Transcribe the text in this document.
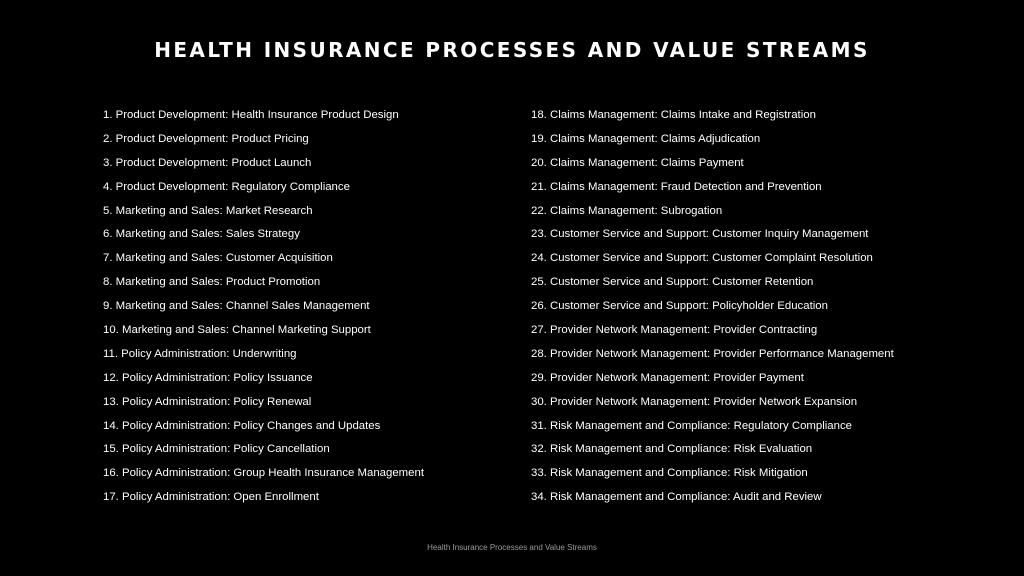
HEALTH INSURANCE PROCESSES AND VALUE STREAMS
1. Product Development: Health Insurance Product Design
2. Product Development: Product Pricing
3. Product Development: Product Launch
4. Product Development: Regulatory Compliance
5. Marketing and Sales: Market Research
6. Marketing and Sales: Sales Strategy
7. Marketing and Sales: Customer Acquisition
8. Marketing and Sales: Product Promotion
9. Marketing and Sales: Channel Sales Management
10. Marketing and Sales: Channel Marketing Support
11. Policy Administration: Underwriting
12. Policy Administration: Policy Issuance
13. Policy Administration: Policy Renewal
14. Policy Administration: Policy Changes and Updates
15. Policy Administration: Policy Cancellation
16. Policy Administration: Group Health Insurance Management
17. Policy Administration: Open Enrollment
18. Claims Management: Claims Intake and Registration
19. Claims Management: Claims Adjudication
20. Claims Management: Claims Payment
21. Claims Management: Fraud Detection and Prevention
22. Claims Management: Subrogation
23. Customer Service and Support: Customer Inquiry Management
24. Customer Service and Support: Customer Complaint Resolution
25. Customer Service and Support: Customer Retention
26. Customer Service and Support: Policyholder Education
27. Provider Network Management: Provider Contracting
28. Provider Network Management: Provider Performance Management
29. Provider Network Management: Provider Payment
30. Provider Network Management: Provider Network Expansion
31. Risk Management and Compliance: Regulatory Compliance
32. Risk Management and Compliance: Risk Evaluation
33. Risk Management and Compliance: Risk Mitigation
34. Risk Management and Compliance: Audit and Review
Health Insurance Processes and Value Streams
